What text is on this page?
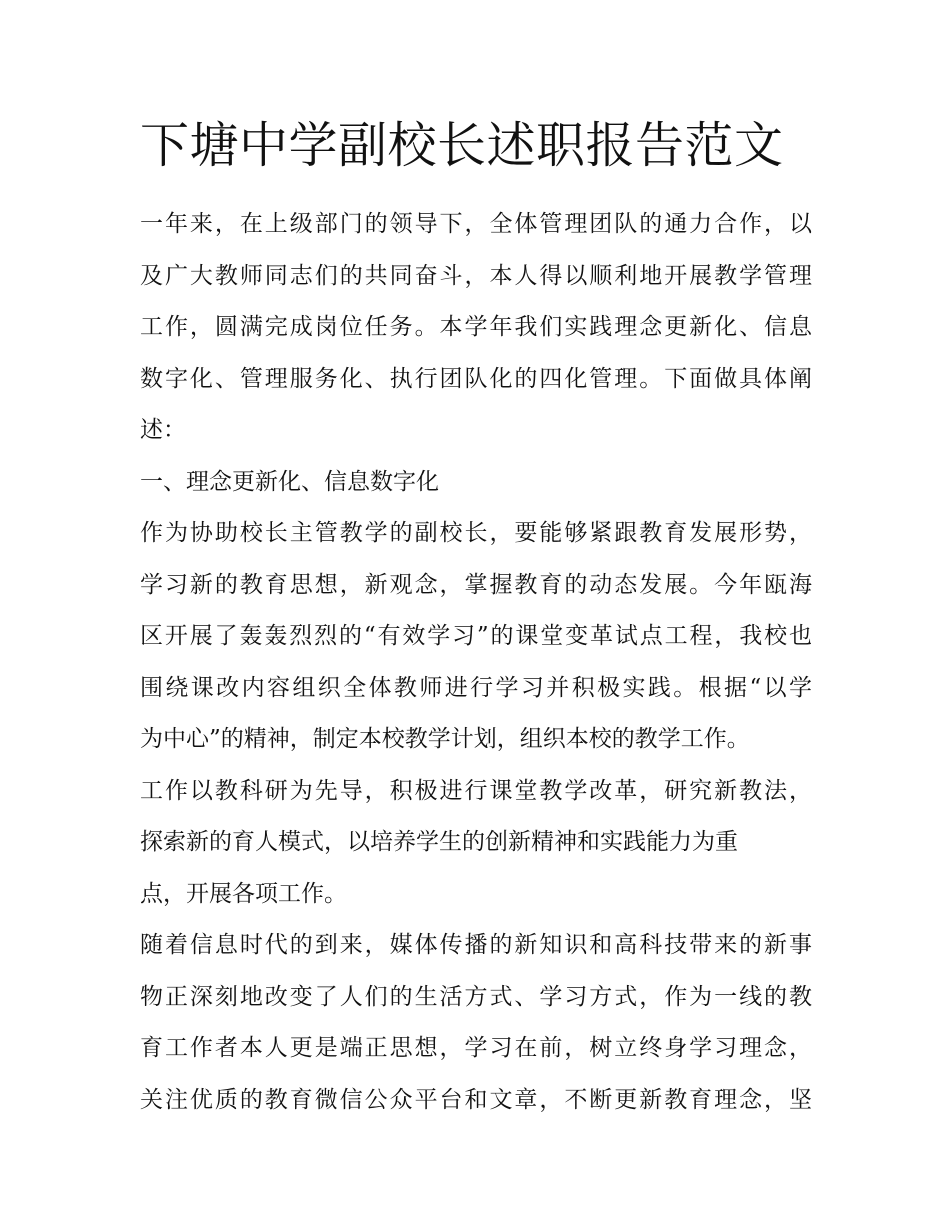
下塘中学副校长述职报告范文
一年来，在上级部门的领导下，全体管理团队的通力合作，以
及广大教师同志们的共同奋斗，本人得以顺利地开展教学管理
工作，圆满完成岗位任务。本学年我们实践理念更新化、信息
数字化、管理服务化、执行团队化的四化管理。下面做具体阐
述：
一、理念更新化、信息数字化
作为协助校长主管教学的副校长，要能够紧跟教育发展形势，
学习新的教育思想，新观念，掌握教育的动态发展。今年瓯海
区开展了轰轰烈烈的“有效学习”的课堂变革试点工程，我校也
围绕课改内容组织全体教师进行学习并积极实践。根据“以学
为中心”的精神，制定本校教学计划，组织本校的教学工作。
工作以教科研为先导，积极进行课堂教学改革，研究新教法，
探索新的育人模式，以培养学生的创新精神和实践能力为重
点，开展各项工作。
随着信息时代的到来，媒体传播的新知识和高科技带来的新事
物正深刻地改变了人们的生活方式、学习方式，作为一线的教
育工作者本人更是端正思想，学习在前，树立终身学习理念，
关注优质的教育微信公众平台和文章，不断更新教育理念，坚
